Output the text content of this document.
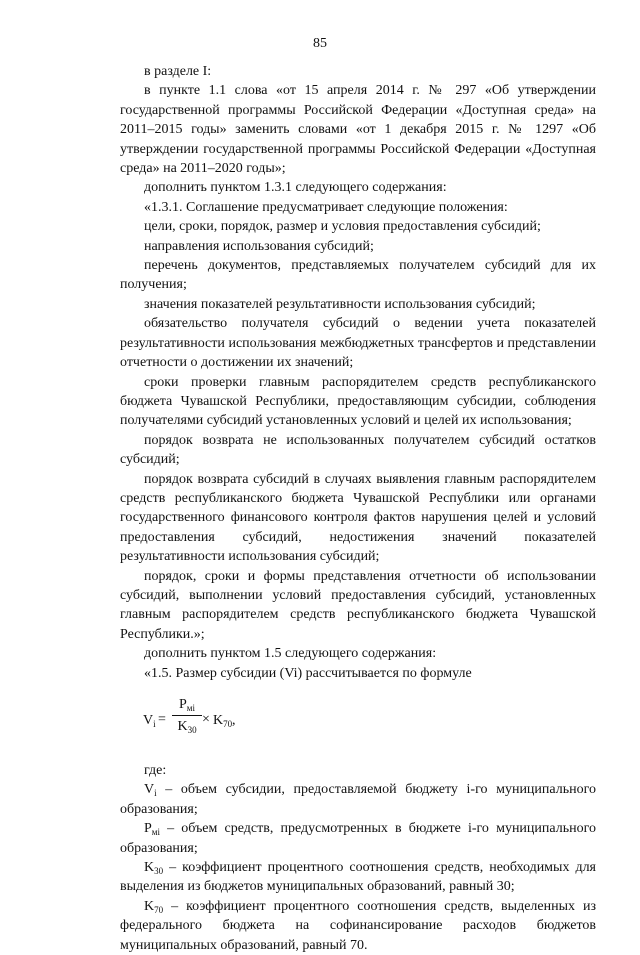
85

в разделе I:

в пункте 1.1 слова «от 15 апреля 2014 г. № 297 «Об утверждении государственной программы Российской Федерации «Доступная среда» на 2011–2015 годы» заменить словами «от 1 декабря 2015 г. № 1297 «Об утверждении государственной программы Российской Федерации «Доступная среда» на 2011–2020 годы»;

дополнить пунктом 1.3.1 следующего содержания:

«1.3.1. Соглашение предусматривает следующие положения:

цели, сроки, порядок, размер и условия предоставления субсидий;

направления использования субсидий;

перечень документов, представляемых получателем субсидий для их получения;

значения показателей результативности использования субсидий;

обязательство получателя субсидий о ведении учета показателей результативности использования межбюджетных трансфертов и представлении отчетности о достижении их значений;

сроки проверки главным распорядителем средств республиканского бюджета Чувашской Республики, предоставляющим субсидии, соблюдения получателями субсидий установленных условий и целей их использования;

порядок возврата не использованных получателем субсидий остатков субсидий;

порядок возврата субсидий в случаях выявления главным распорядителем средств республиканского бюджета Чувашской Республики или органами государственного финансового контроля фактов нарушения целей и условий предоставления субсидий, недостижения значений показателей результативности использования субсидий;

порядок, сроки и формы представления отчетности об использовании субсидий, выполнении условий предоставления субсидий, установленных главным распорядителем средств республиканского бюджета Чувашской Республики.»;

дополнить пунктом 1.5 следующего содержания:

«1.5. Размер субсидии (Vi) рассчитывается по формуле

$V_i$ =
$P_{мi}$
$K_{30}$
× $K_{70}$ ,

где:

$V_i$ – объем субсидии, предоставляемой бюджету i-го муниципального образования;

$P_{мi}$ – объем средств, предусмотренных в бюджете i-го муниципального образования;

$K_{30}$ – коэффициент процентного соотношения средств, необходимых для выделения из бюджетов муниципальных образований, равный 30;

$K_{70}$ – коэффициент процентного соотношения средств, выделенных из федерального бюджета на софинансирование расходов бюджетов муниципальных образований, равный 70.
